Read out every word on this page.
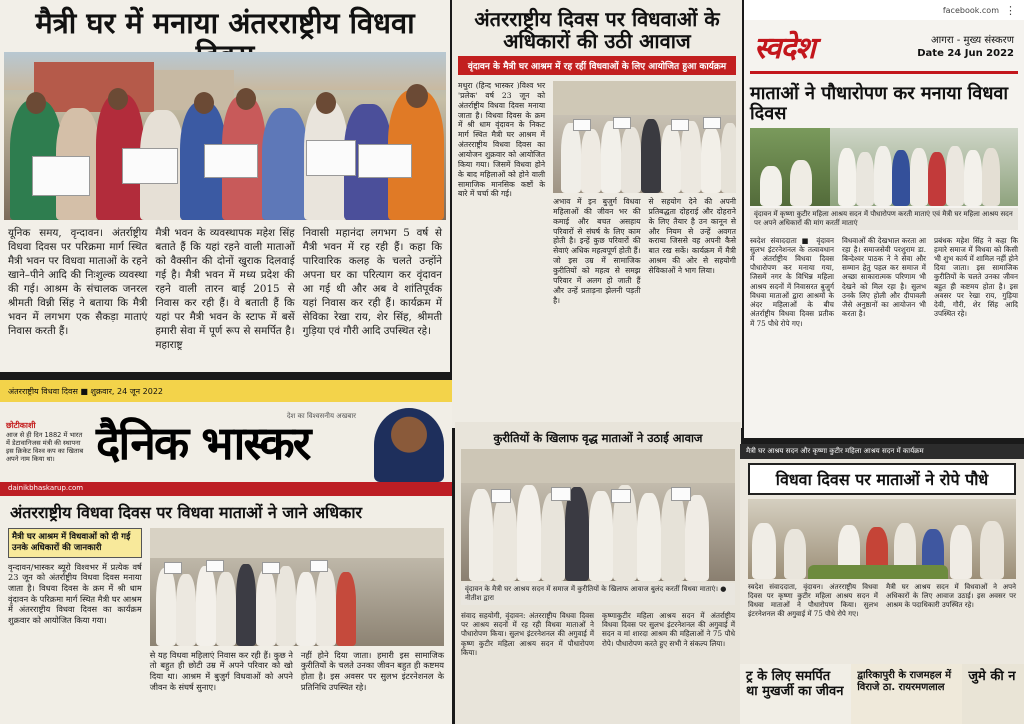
मैत्री घर में मनाया अंतरराष्ट्रीय विधवा
यूनिक समय, वृन्दावन। अंतर्राष्ट्रीय विधवा दिवस पर परिक्रमा मार्ग स्थित मैत्री भवन पर विधवा माताओं के रहने खाने–पीने आदि की निःशुल्क व्यवस्था की गई। आश्रम के संचालक जनरल श्रीमती विन्नी सिंह ने बताया कि मैत्री भवन में लगभग एक सैकड़ा माताएं निवास करती हैं।
मैत्री भवन के व्यवस्थापक महेश सिंह बताते हैं कि यहां रहने वाली माताओं को वैक्सीन की दोनों खुराक दिलवाई गई है। मैत्री भवन में मध्य प्रदेश की रहने वाली तारन बाई 2015 से निवास कर रही हैं। वे बताती हैं कि यहां पर मैत्री भवन के स्टाफ में बसें हमारी सेवा में पूर्ण रूप से समर्पित है। महाराष्ट्र
निवासी महानंदा लगभग 5 वर्ष से मैत्री भवन में रह रही हैं। कहा कि पारिवारिक कलह के चलते उन्होंने अपना घर का परित्याग कर वृंदावन आ गई थी और अब वे शांतिपूर्वक यहां निवास कर रही हैं। कार्यक्रम में सेविका रेखा राय, शेर सिंह, श्रीमती गुड़िया एवं गौरी आदि उपस्थित रहे।
अंतरराष्ट्रीय दिवस पर विधवाओं के अधिकारों की उठी आवाज
वृंदावन के मैत्री घर आश्रम में रह रहीं विधवाओं के लिए आयोजित हुआ कार्यक्रम
मथुरा (हिन्द भास्कर )विश्व भर 'प्रलेक' वर्ष 23 जून को अंतर्राष्ट्रीय विधवा दिवस मनाया जाता है। विधवा दिवस के क्रम में श्री धाम वृंदावन के निकट मार्ग स्थित मैत्री घर आश्रम में अंतरराष्ट्रीय विधवा दिवस का आयोजन शुक्रवार को आयोजित किया गया। जिसमें विधवा होने के बाद महिलाओं को होने वाली सामाजिक मानसिक कष्टों के बारे में चर्चा की गई।
अभाव में इन बुजुर्ग विधवा महिलाओं की जीवन भर की कमाई और बचत असहाय परिवारों से संघर्ष के लिए काम होती है। इन्हें कुछ परिवारों की सेवाएं अधिक महत्वपूर्ण होती हैं। जो इस उम्र में सामाजिक कुरीतियों को महत्व से समझ परिवार में अलग हो जाती हैं और उन्हें प्रताड़ना झेलनी पड़ती है।
से सहयोग देने की अपनी प्रतिबद्धता दोहराई और दोहराने के लिए तैयार है उन कानून से और नियम से उन्हें अवगत कराया जिससे वह अपनी कैसे बात रख सकें। कार्यक्रम में मैत्री आश्रम की ओर से सहयोगी सेविकाओं ने भाग लिया।
facebook.com ⋮
स्वदेश	आगरा - मुख्य संस्करण
Date 24 Jun 2022
माताओं ने पौधारोपण कर मनाया विधवा दिवस
वृंदावन में कृष्णा कुटीर महिला आश्रय सदन में पौधारोपण करती माताएं एवं मैत्री घर महिला आश्रय सदन पर अपने अधिकारों की मांग करतीं माताएं
स्वदेश संवाददाता ■ वृंदावन सुलभ इंटरनेशनल के तत्वावधान में अंतर्राष्ट्रीय विधवा दिवस पौधारोपण कर मनाया गया, जिसमें नगर के विभिन्न महिला आश्रय सदनों में निवासरत बुजुर्ग विधवा माताओं द्वारा आश्रमों के अंदर महिलाओं के बीच अंतर्राष्ट्रीय विधवा दिवस प्रतीक में 75 पौधे रोपे गए।
विधवाओं की देखभाल करता आ रहा है। समाजसेवी परशुराम डा. बिन्देश्वर पाठक ने ने सेवा और सम्मान हेतु पहल कर समाज में अच्छा साकारात्मक परिणाम भी देखने को मिल रहा है। सुलभ उनके लिए होली और दीपावली जैसे अनुष्ठानों का आयोजन भी करता है।
प्रबंधक महेश सिंह ने कहा कि हमारे समाज में विधवा को किसी भी शुभ कार्य में शामिल नहीं होने दिया जाता। इस सामाजिक कुरीतियों के चलते उनका जीवन बहुत ही कष्टमय होता है। इस अवसर पर रेखा राय, गुड़िया देवी, गौरी, शेर सिंह आदि उपस्थित रहे।
अंतरराष्ट्रीय विधवा दिवस ■ शुक्रवार, 24 जून 2022
छोटीकाशी
आज से ही दिन 1882 में भारत में डेटावानिजस मंत्री की स्थापना इस क्रिकेट विश्व कप का खिताब अपने नाम किया था। दैनिक भास्कर
देश का विश्वसनीय अखबार
dainikbhaskarup.com
अंतरराष्ट्रीय विधवा दिवस पर विधवा माताओं ने जाने अधिकार
मैत्री घर आश्रम में विधवाओं को दी गई उनके अधिकारों की जानकारी
वृन्दावन/भास्कर ब्यूरो विश्वभर में प्रत्येक वर्ष 23 जून को अंतर्राष्ट्रीय विधवा दिवस मनाया जाता है। विधवा दिवस के क्रम में श्री धाम वृंदावन के परिक्रमा मार्ग स्थित मैत्री घर आश्रम में अंतरराष्ट्रीय विधवा दिवस का कार्यक्रम शुक्रवार को आयोजित किया गया।
से यह विधवा महिलाएं निवास कर रही हैं। कुछ ने तो बहुत ही छोटी उम्र में अपने परिवार को खो दिया था। आश्रम में बुजुर्ग विधवाओं को अपने जीवन के संघर्ष सुनाए।
नहीं होने दिया जाता। हमारी इस सामाजिक कुरीतियों के चलते उनका जीवन बहुत ही कष्टमय होता है। इस अवसर पर सुलभ इंटरनेशनल के प्रतिनिधि उपस्थित रहे।
कुरीतियों के खिलाफ वृद्ध माताओं ने उठाई आवाज
वृंदावन के मैत्री घर आश्रय सदन में समाज में कुरीतियों के खिलाफ आवाज बुलंद करतीं विधवा माताएं। ● नीतीश द्वारा
संवाद सहयोगी, वृंदावन: अंतरराष्ट्रीय विधवा दिवस पर आश्रय सदनों में रह रही विधवा माताओं ने पौधारोपण किया। सुलभ इंटरनेशनल की अगुवाई में कृष्ण कुटीर महिला आश्रय सदन में पौधारोपण किया।
कृष्णाकुटीर महिला आश्रय सदन में अंतर्राष्ट्रीय विधवा दिवस पर सुलभ इंटरनेशनल की अगुवाई में सदन व मां शारदा आश्रम की महिलाओं ने 75 पौधे रोपे। पौधारोपण करते हुए सभी ने संकल्प लिया।
मैत्री घर आश्रय सदन और कृष्णा कुटीर महिला आश्रय सदन में कार्यक्रम
विधवा दिवस पर माताओं ने रोपे पौधे
स्वदेश संवाददाता, वृंदावन। अंतरराष्ट्रीय विधवा दिवस पर कृष्णा कुटीर महिला आश्रय सदन में विधवा माताओं ने पौधारोपण किया। सुलभ इंटरनेशनल की अगुवाई में 75 पौधे रोपे गए।
मैत्री घर आश्रय सदन में विधवाओं ने अपने अधिकारों के लिए आवाज उठाई। इस अवसर पर आश्रम के पदाधिकारी उपस्थित रहे।
ट्र के लिए समर्पित था मुखर्जी का जीवन
द्वारिकापुरी के राजमहल में विराजे ठा. रायरमणलाल
जुमे की न
